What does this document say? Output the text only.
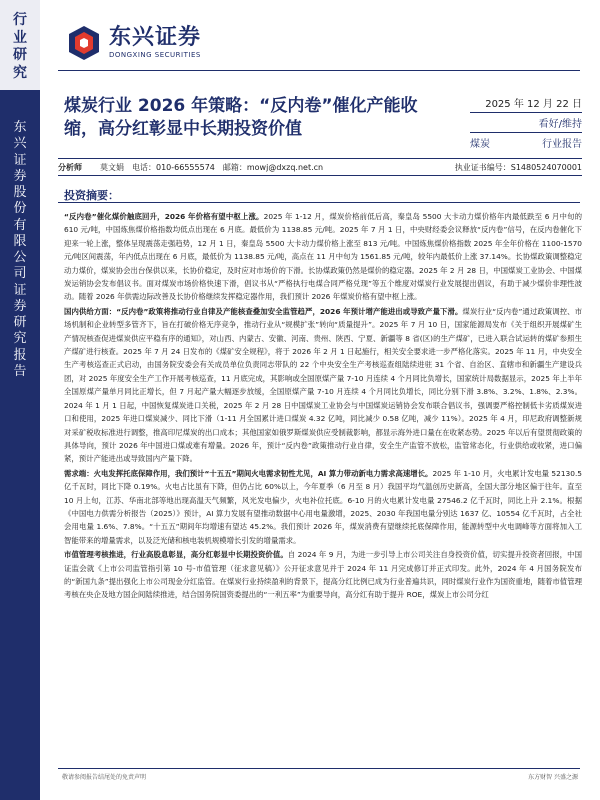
行
业
研
究
东
兴
证
券
股
份
有
限
公
司
证
券
研
究
报
告
东兴证券
DONGXING SECURITIES
煤炭行业 2026 年策略：“反内卷”催化产能收缩，高分红彰显中长期投资价值
2025 年 12 月 22 日
看好/维持
煤炭	行业报告
分析师 莫文娟 电话：010-66555574 邮箱：mowj@dxzq.net.cn	执业证书编号：S1480524070001
投资摘要：

“反内卷”催化煤价触底回升，2026 年价格有望中枢上涨。2025 年 1-12 月，煤炭价格前低后高，秦皇岛 5500 大卡动力煤价格年内最低跌至 6 月中旬的 610 元/吨，中国炼焦煤价格指数均低点出现在 6 月底。最低价为 1138.85 元/吨。2025 年 7 月 1 日，中央财经委会议释放“反内卷”信号，在反内卷催化下迎来一轮上涨，整体呈现震荡走强趋势，12 月 1 日，秦皇岛 5500 大卡动力煤价格上涨至 813 元/吨。中国炼焦煤价格指数 2025 年全年价格在 1100-1570 元/吨区间震荡，年内低点出现在 6 月底，最低价为 1138.85 元/吨，高点在 11 月中旬为 1561.85 元/吨，较年内最低价上涨 37.14%。长协煤政策调整稳定动力煤价，煤炭协会出台保供以来，长协价稳定，及时应对市场价的下滑。长协煤政策仍然是煤价的稳定器。2025 年 2 月 28 日，中国煤炭工业协会、中国煤炭运销协会发布倡议书。面对煤炭市场价格快速下滑，倡议书从“严格执行电煤合同严格兑现”等五个维度对煤炭行业发展提出倡议，有助于减少煤价非理性波动。随着 2026 年供需边际改善及长协价格继续发挥稳定器作用，我们预计 2026 年煤炭价格有望中枢上涨。

国内供给方面：“反内卷”政策将推动行业自律及产能核查叠加安全监管趋严，2026 年预计增产能进出或导致产量下滑。煤炭行业“反内卷”通过政策调控、市场机制和企业转型多管齐下，旨在打破价格无序竞争，推动行业从“规模扩张”转向“质量提升”。2025 年 7 月 10 日，国家能源局发布《关于组织开展煤矿生产情况核查促进煤炭供应平稳有序的通知》，对山西、内蒙古、安徽、河南、贵州、陕西、宁夏、新疆等 8 省(区)的生产煤矿，已进入联合试运转的煤矿参照生产煤矿进行核查。2025 年 7 月 24 日发布的《煤矿安全规程》，将于 2026 年 2 月 1 日起施行，相关安全要求进一步严格化落实。2025 年 11 月，中央安全生产考核巡查正式启动，由国务院安委会有关成员单位负责同志带队的 22 个中央安全生产考核巡查组陆续进驻 31 个省、自治区、直辖市和新疆生产建设兵团，对 2025 年度安全生产工作开展考核巡查，11 月底完成，其影响或全国原煤产量 7-10 月连续 4 个月同比负增长，国家统计局数据显示，2025 年上半年全国原煤产量单月同比正增长，但 7 月起产量大幅逐步放缓，全国原煤产量 7-10 月连续 4 个月同比负增长，同比分别下滑 3.8%、3.2%、1.8%、2.3%。2024 年 1 月 1 日起，中国恢复煤炭进口关税，2025 年 2 月 28 日中国煤炭工业协会与中国煤炭运销协会发布联合倡议书，强调要严格控制低卡劣质煤炭进口和使用，2025 年进口煤炭减少、同比下滑（1-11 月全国累计进口煤炭 4.32 亿吨，同比减少 0.58 亿吨，减少 11%）。2025 年 4 月，印尼政府调整新规对采矿税收标准进行调整，推高印尼煤炭的出口成本；其他国家如俄罗斯煤炭供应受制裁影响，都显示海外进口量在在收紧态势。2025 年以后有望贯彻政策的具体导向，预计 2026 年中国进口煤或难有增量。2026 年，预计“反内卷”政策推动行业自律，安全生产监管不放松，监管常态化，行业供给或收紧，进口偏紧，预计产能进出或导致国内产量下降。

需求端：火电发挥托底保障作用，我们预计“十五五”期间火电需求韧性尤见，AI 算力带动新电力需求高速增长。2025 年 1-10 月，火电累计发电量 52130.5 亿千瓦时，同比下降 0.19%。火电占比虽有下降，但仍占比 60%以上，今年夏季（6 月至 8 月）我国平均气温创历史新高，全国大部分地区偏于往年。直至 10 月上旬，江苏、华南北部等地出现高温天气频繁，风光发电偏少，火电补位托底。6-10 月的火电累计发电量 27546.2 亿千瓦时，同比上升 2.1%。根据《中国电力供需分析报告（2025）》预计，AI 算力发展有望推动数据中心用电量激增，2025、2030 年我国电量分别达 1637 亿、10554 亿千瓦时，占全社会用电量 1.6%、7.8%。“十五五”期间年均增速有望达 45.2%。我们预计 2026 年，煤炭消费有望继续托底保障作用，能源转型中火电调峰等方面将加入工智能带来的增量需求，以及泛光储和核电装机规模增长引发的增量需求。

市值管理考核推进，行业高股息彰显，高分红彰显中长期投资价值。自 2024 年 9 月，为进一步引导上市公司关注自身投资价值，切实提升投资者回报，中国证监会就《上市公司监管指引第 10 号-市值管理（征求意见稿）》公开征求意见并于 2024 年 11 月完成修订并正式印发。此外，2024 年 4 月国务院发布的“新国九条”提出强化上市公司现金分红监管。在煤炭行业持续盈利的背景下，提高分红比例已成为行业普遍共识，同时煤炭行业作为国资重地，随着市值管理考核在央企及地方国企间陆续推进，结合国务院国资委提出的“一利五率”为重要导向，高分红有助于提升 ROE，煤炭上市公司分红

敬请参阅报告结尾处的免责声明	东方财智 兴盛之源
